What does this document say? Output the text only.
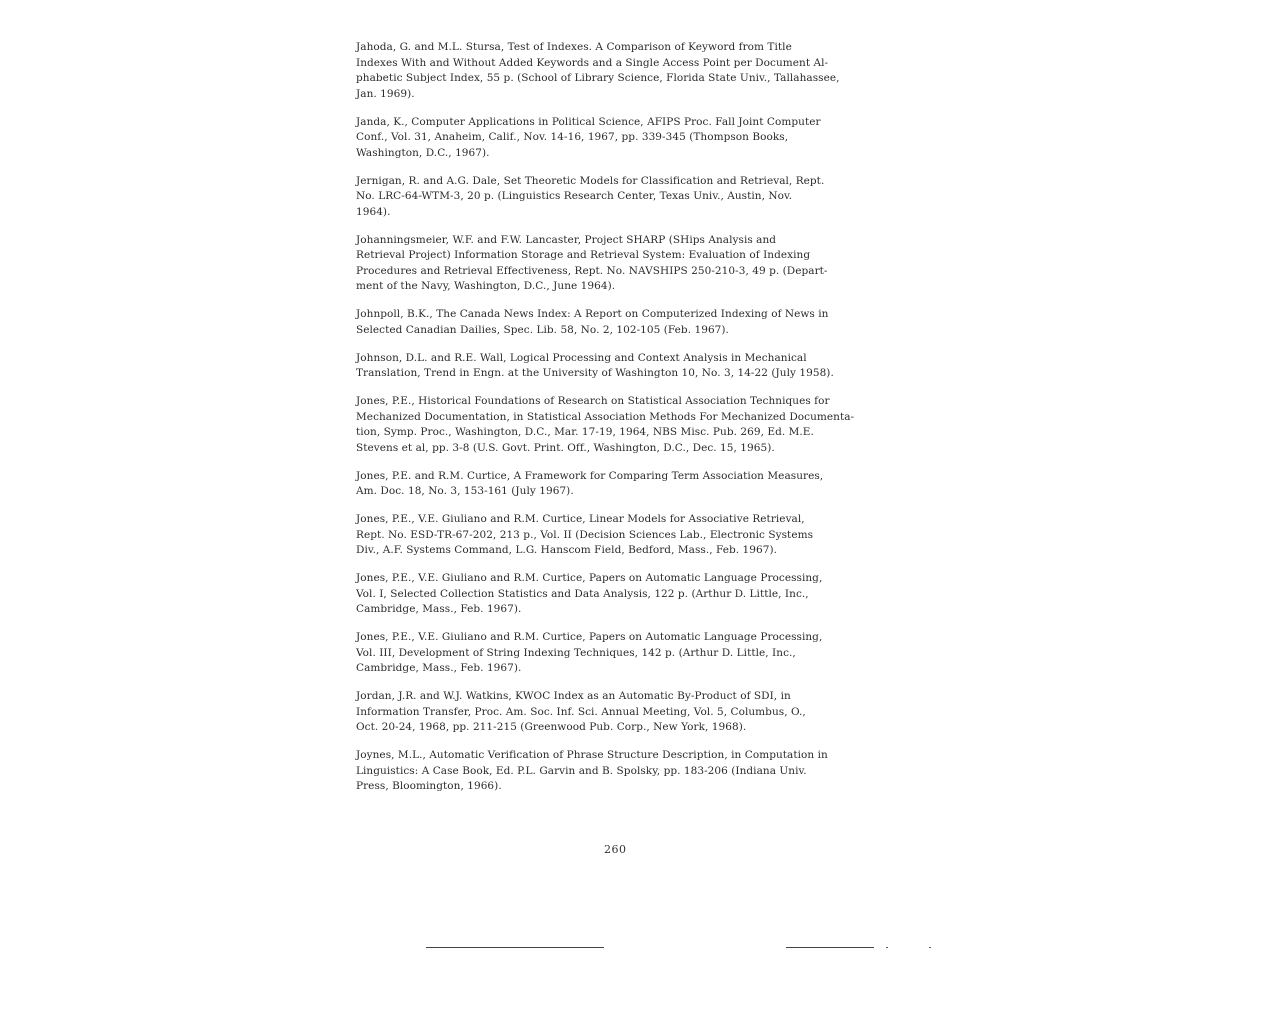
Jahoda, G. and M.L. Stursa, Test of Indexes. A Comparison of Keyword from Title
Indexes With and Without Added Keywords and a Single Access Point per Document Al-
phabetic Subject Index, 55 p. (School of Library Science, Florida State Univ., Tallahassee,
Jan. 1969).
Janda, K., Computer Applications in Political Science, AFIPS Proc. Fall Joint Computer
Conf., Vol. 31, Anaheim, Calif., Nov. 14-16, 1967, pp. 339-345 (Thompson Books,
Washington, D.C., 1967).
Jernigan, R. and A.G. Dale, Set Theoretic Models for Classification and Retrieval, Rept.
No. LRC-64-WTM-3, 20 p. (Linguistics Research Center, Texas Univ., Austin, Nov.
1964).
Johanningsmeier, W.F. and F.W. Lancaster, Project SHARP (SHips Analysis and
Retrieval Project) Information Storage and Retrieval System: Evaluation of Indexing
Procedures and Retrieval Effectiveness, Rept. No. NAVSHIPS 250-210-3, 49 p. (Depart-
ment of the Navy, Washington, D.C., June 1964).
Johnpoll, B.K., The Canada News Index: A Report on Computerized Indexing of News in
Selected Canadian Dailies, Spec. Lib. 58, No. 2, 102-105 (Feb. 1967).
Johnson, D.L. and R.E. Wall, Logical Processing and Context Analysis in Mechanical
Translation, Trend in Engn. at the University of Washington 10, No. 3, 14-22 (July 1958).
Jones, P.E., Historical Foundations of Research on Statistical Association Techniques for
Mechanized Documentation, in Statistical Association Methods For Mechanized Documenta-
tion, Symp. Proc., Washington, D.C., Mar. 17-19, 1964, NBS Misc. Pub. 269, Ed. M.E.
Stevens et al, pp. 3-8 (U.S. Govt. Print. Off., Washington, D.C., Dec. 15, 1965).
Jones, P.E. and R.M. Curtice, A Framework for Comparing Term Association Measures,
Am. Doc. 18, No. 3, 153-161 (July 1967).
Jones, P.E., V.E. Giuliano and R.M. Curtice, Linear Models for Associative Retrieval,
Rept. No. ESD-TR-67-202, 213 p., Vol. II (Decision Sciences Lab., Electronic Systems
Div., A.F. Systems Command, L.G. Hanscom Field, Bedford, Mass., Feb. 1967).
Jones, P.E., V.E. Giuliano and R.M. Curtice, Papers on Automatic Language Processing,
Vol. I, Selected Collection Statistics and Data Analysis, 122 p. (Arthur D. Little, Inc.,
Cambridge, Mass., Feb. 1967).
Jones, P.E., V.E. Giuliano and R.M. Curtice, Papers on Automatic Language Processing,
Vol. III, Development of String Indexing Techniques, 142 p. (Arthur D. Little, Inc.,
Cambridge, Mass., Feb. 1967).
Jordan, J.R. and W.J. Watkins, KWOC Index as an Automatic By-Product of SDI, in
Information Transfer, Proc. Am. Soc. Inf. Sci. Annual Meeting, Vol. 5, Columbus, O.,
Oct. 20-24, 1968, pp. 211-215 (Greenwood Pub. Corp., New York, 1968).
Joynes, M.L., Automatic Verification of Phrase Structure Description, in Computation in
Linguistics: A Case Book, Ed. P.L. Garvin and B. Spolsky, pp. 183-206 (Indiana Univ.
Press, Bloomington, 1966).
260
